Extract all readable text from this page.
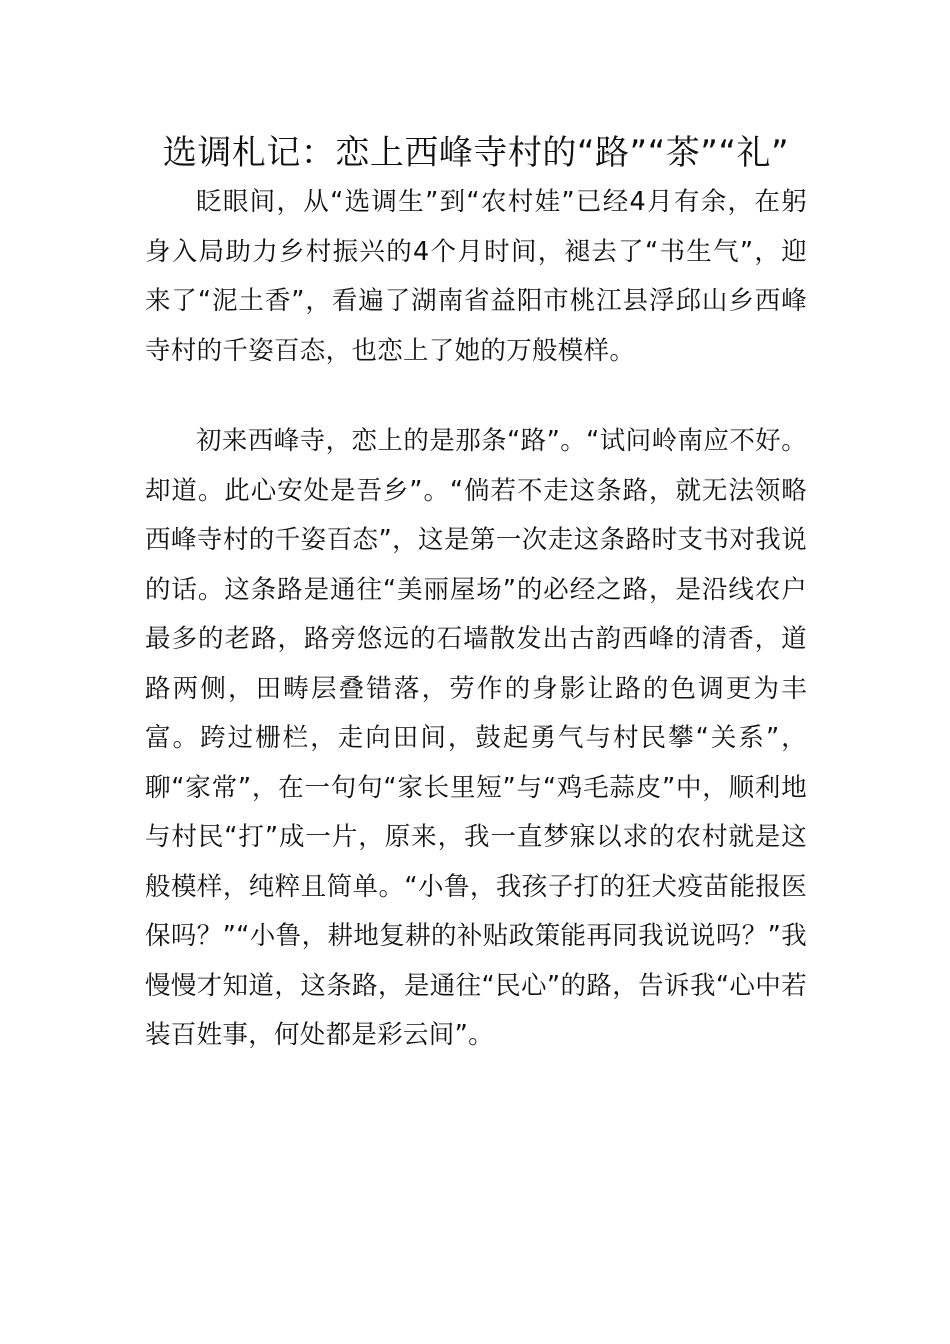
选调札记：恋上西峰寺村的“路”“茶”“礼”

眨眼间，从“选调生”到“农村娃”已经4月有余，在躬身入局助力乡村振兴的4个月时间，褪去了“书生气”，迎来了“泥土香”，看遍了湖南省益阳市桃江县浮邱山乡西峰寺村的千姿百态，也恋上了她的万般模样。

初来西峰寺，恋上的是那条“路”。“试问岭南应不好。却道。此心安处是吾乡”。“倘若不走这条路，就无法领略西峰寺村的千姿百态”，这是第一次走这条路时支书对我说的话。这条路是通往“美丽屋场”的必经之路，是沿线农户最多的老路，路旁悠远的石墙散发出古韵西峰的清香，道路两侧，田畴层叠错落，劳作的身影让路的色调更为丰富。跨过栅栏，走向田间，鼓起勇气与村民攀“关系”，聊“家常”，在一句句“家长里短”与“鸡毛蒜皮”中，顺利地与村民“打”成一片，原来，我一直梦寐以求的农村就是这般模样，纯粹且简单。“小鲁，我孩子打的狂犬疫苗能报医保吗？”“小鲁，耕地复耕的补贴政策能再同我说说吗？”我慢慢才知道，这条路，是通往“民心”的路，告诉我“心中若装百姓事，何处都是彩云间”。
